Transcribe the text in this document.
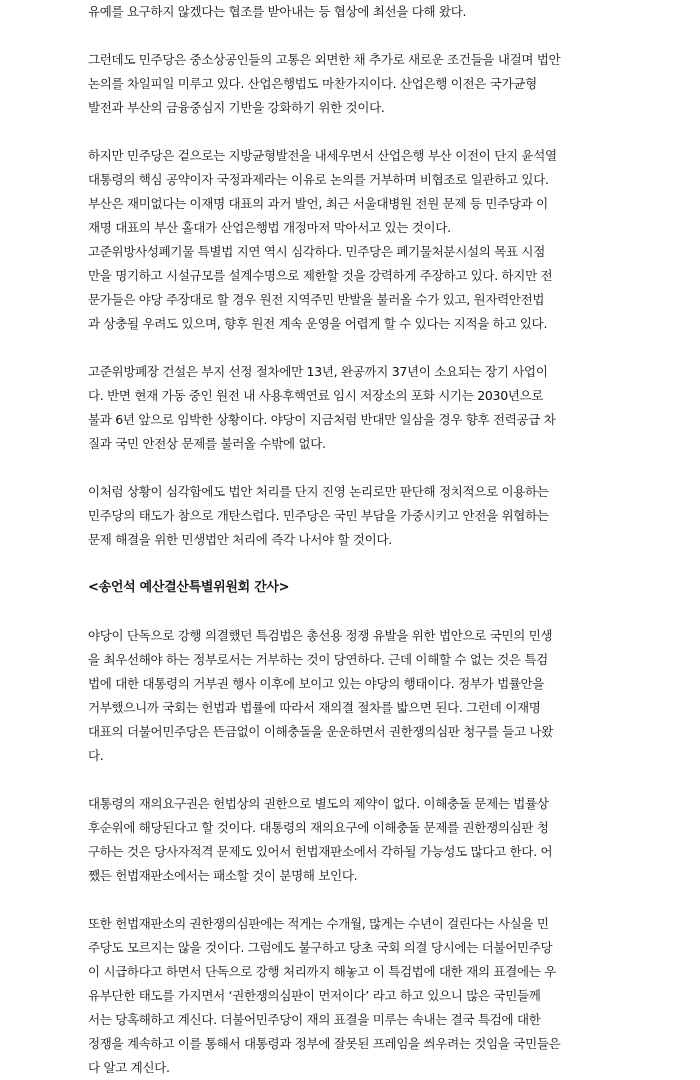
유예를 요구하지 않겠다는 협조를 받아내는 등 협상에 최선을 다해 왔다.

그런데도 민주당은 중소상공인들의 고통은 외면한 채 추가로 새로운 조건들을 내걸며 법안
논의를 차일피일 미루고 있다. 산업은행법도 마찬가지이다. 산업은행 이전은 국가균형
발전과 부산의 금융중심지 기반을 강화하기 위한 것이다.

하지만 민주당은 겉으로는 지방균형발전을 내세우면서 산업은행 부산 이전이 단지 윤석열
대통령의 핵심 공약이자 국정과제라는 이유로 논의를 거부하며 비협조로 일관하고 있다.
부산은 재미없다는 이재명 대표의 과거 발언, 최근 서울대병원 전원 문제 등 민주당과 이
재명 대표의 부산 홀대가 산업은행법 개정마저 막아서고 있는 것이다.
고준위방사성폐기물 특별법 지연 역시 심각하다. 민주당은 폐기물처분시설의 목표 시점
만을 명기하고 시설규모를 설계수명으로 제한할 것을 강력하게 주장하고 있다. 하지만 전
문가들은 야당 주장대로 할 경우 원전 지역주민 반발을 불러올 수가 있고, 원자력안전법
과 상충될 우려도 있으며, 향후 원전 계속 운영을 어렵게 할 수 있다는 지적을 하고 있다.

고준위방폐장 건설은 부지 선정 절차에만 13년, 완공까지 37년이 소요되는 장기 사업이
다. 반면 현재 가동 중인 원전 내 사용후핵연료 임시 저장소의 포화 시기는 2030년으로
불과 6년 앞으로 임박한 상황이다. 야당이 지금처럼 반대만 일삼을 경우 향후 전력공급 차
질과 국민 안전상 문제를 불러올 수밖에 없다.

이처럼 상황이 심각함에도 법안 처리를 단지 진영 논리로만 판단해 정치적으로 이용하는
민주당의 태도가 참으로 개탄스럽다. 민주당은 국민 부담을 가중시키고 안전을 위협하는
문제 해결을 위한 민생법안 처리에 즉각 나서야 할 것이다.

<송언석 예산결산특별위원회 간사>

야당이 단독으로 강행 의결했던 특검법은 총선용 정쟁 유발을 위한 법안으로 국민의 민생
을 최우선해야 하는 정부로서는 거부하는 것이 당연하다. 근데 이해할 수 없는 것은 특검
법에 대한 대통령의 거부권 행사 이후에 보이고 있는 야당의 행태이다. 정부가 법률안을
거부했으니까 국회는 헌법과 법률에 따라서 재의결 절차를 밟으면 된다. 그런데 이재명
대표의 더불어민주당은 뜬금없이 이해충돌을 운운하면서 권한쟁의심판 청구를 들고 나왔
다.

대통령의 재의요구권은 헌법상의 권한으로 별도의 제약이 없다. 이해충돌 문제는 법률상
후순위에 해당된다고 할 것이다. 대통령의 재의요구에 이해충돌 문제를 권한쟁의심판 청
구하는 것은 당사자적격 문제도 있어서 헌법재판소에서 각하될 가능성도 많다고 한다. 어
쨌든 헌법재판소에서는 패소할 것이 분명해 보인다.

또한 헌법재판소의 권한쟁의심판에는 적게는 수개월, 많게는 수년이 걸린다는 사실을 민
주당도 모르지는 않을 것이다. 그럼에도 불구하고 당초 국회 의결 당시에는 더불어민주당
이 시급하다고 하면서 단독으로 강행 처리까지 해놓고 이 특검법에 대한 재의 표결에는 우
유부단한 태도를 가지면서 ‘권한쟁의심판이 먼저이다’ 라고 하고 있으니 많은 국민들께
서는 당혹해하고 계신다. 더불어민주당이 재의 표결을 미루는 속내는 결국 특검에 대한
정쟁을 계속하고 이를 통해서 대통령과 정부에 잘못된 프레임을 씌우려는 것임을 국민들은
다 알고 계신다.
